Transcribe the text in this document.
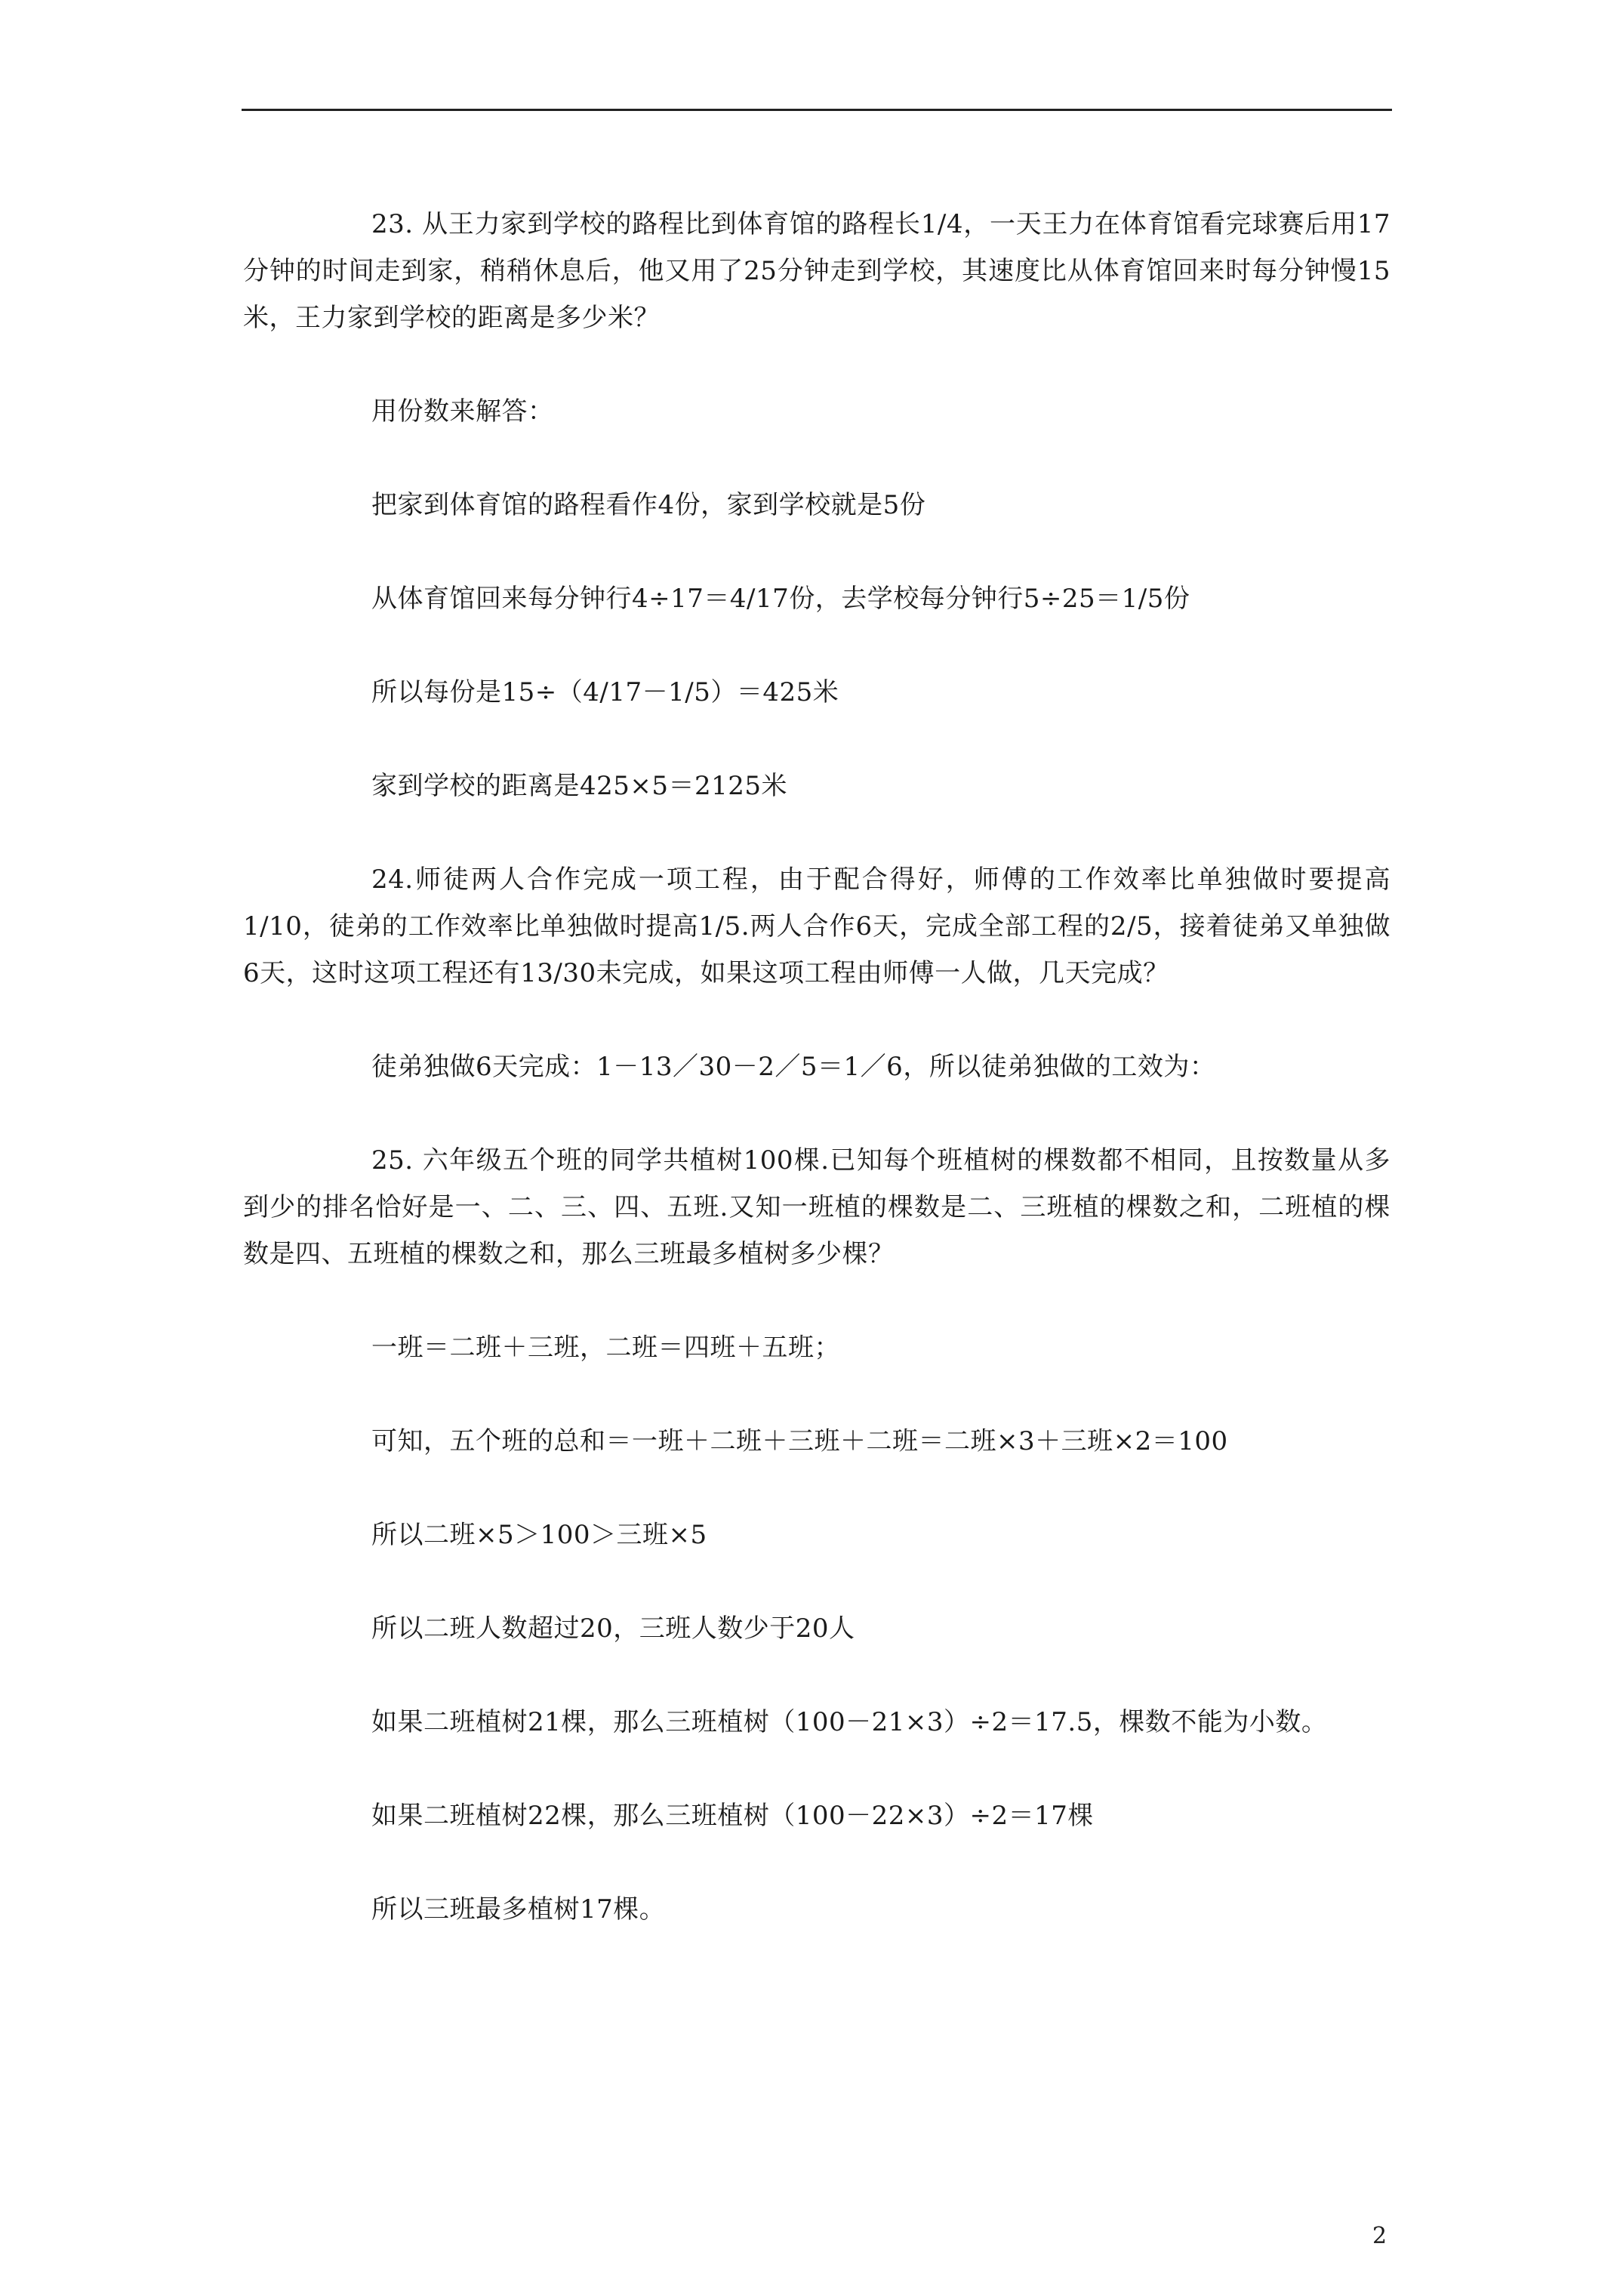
23. 从王力家到学校的路程比到体育馆的路程长1/4，一天王力在体育馆看完球赛后用17分钟的时间走到家，稍稍休息后，他又用了25分钟走到学校，其速度比从体育馆回来时每分钟慢15米，王力家到学校的距离是多少米？

用份数来解答：

把家到体育馆的路程看作4份，家到学校就是5份

从体育馆回来每分钟行4÷17＝4/17份，去学校每分钟行5÷25＝1/5份

所以每份是15÷（4/17－1/5）＝425米

家到学校的距离是425×5＝2125米

24.师徒两人合作完成一项工程，由于配合得好，师傅的工作效率比单独做时要提高1/10，徒弟的工作效率比单独做时提高1/5.两人合作6天，完成全部工程的2/5，接着徒弟又单独做6天，这时这项工程还有13/30未完成，如果这项工程由师傅一人做，几天完成？

徒弟独做6天完成：1－13／30－2／5＝1／6，所以徒弟独做的工效为：

25. 六年级五个班的同学共植树100棵.已知每个班植树的棵数都不相同，且按数量从多到少的排名恰好是一、二、三、四、五班.又知一班植的棵数是二、三班植的棵数之和，二班植的棵数是四、五班植的棵数之和，那么三班最多植树多少棵？

一班＝二班＋三班，二班＝四班＋五班；

可知，五个班的总和＝一班＋二班＋三班＋二班＝二班×3＋三班×2＝100

所以二班×5＞100＞三班×5

所以二班人数超过20，三班人数少于20人

如果二班植树21棵，那么三班植树（100－21×3）÷2＝17.5，棵数不能为小数。

如果二班植树22棵，那么三班植树（100－22×3）÷2＝17棵

所以三班最多植树17棵。

2
